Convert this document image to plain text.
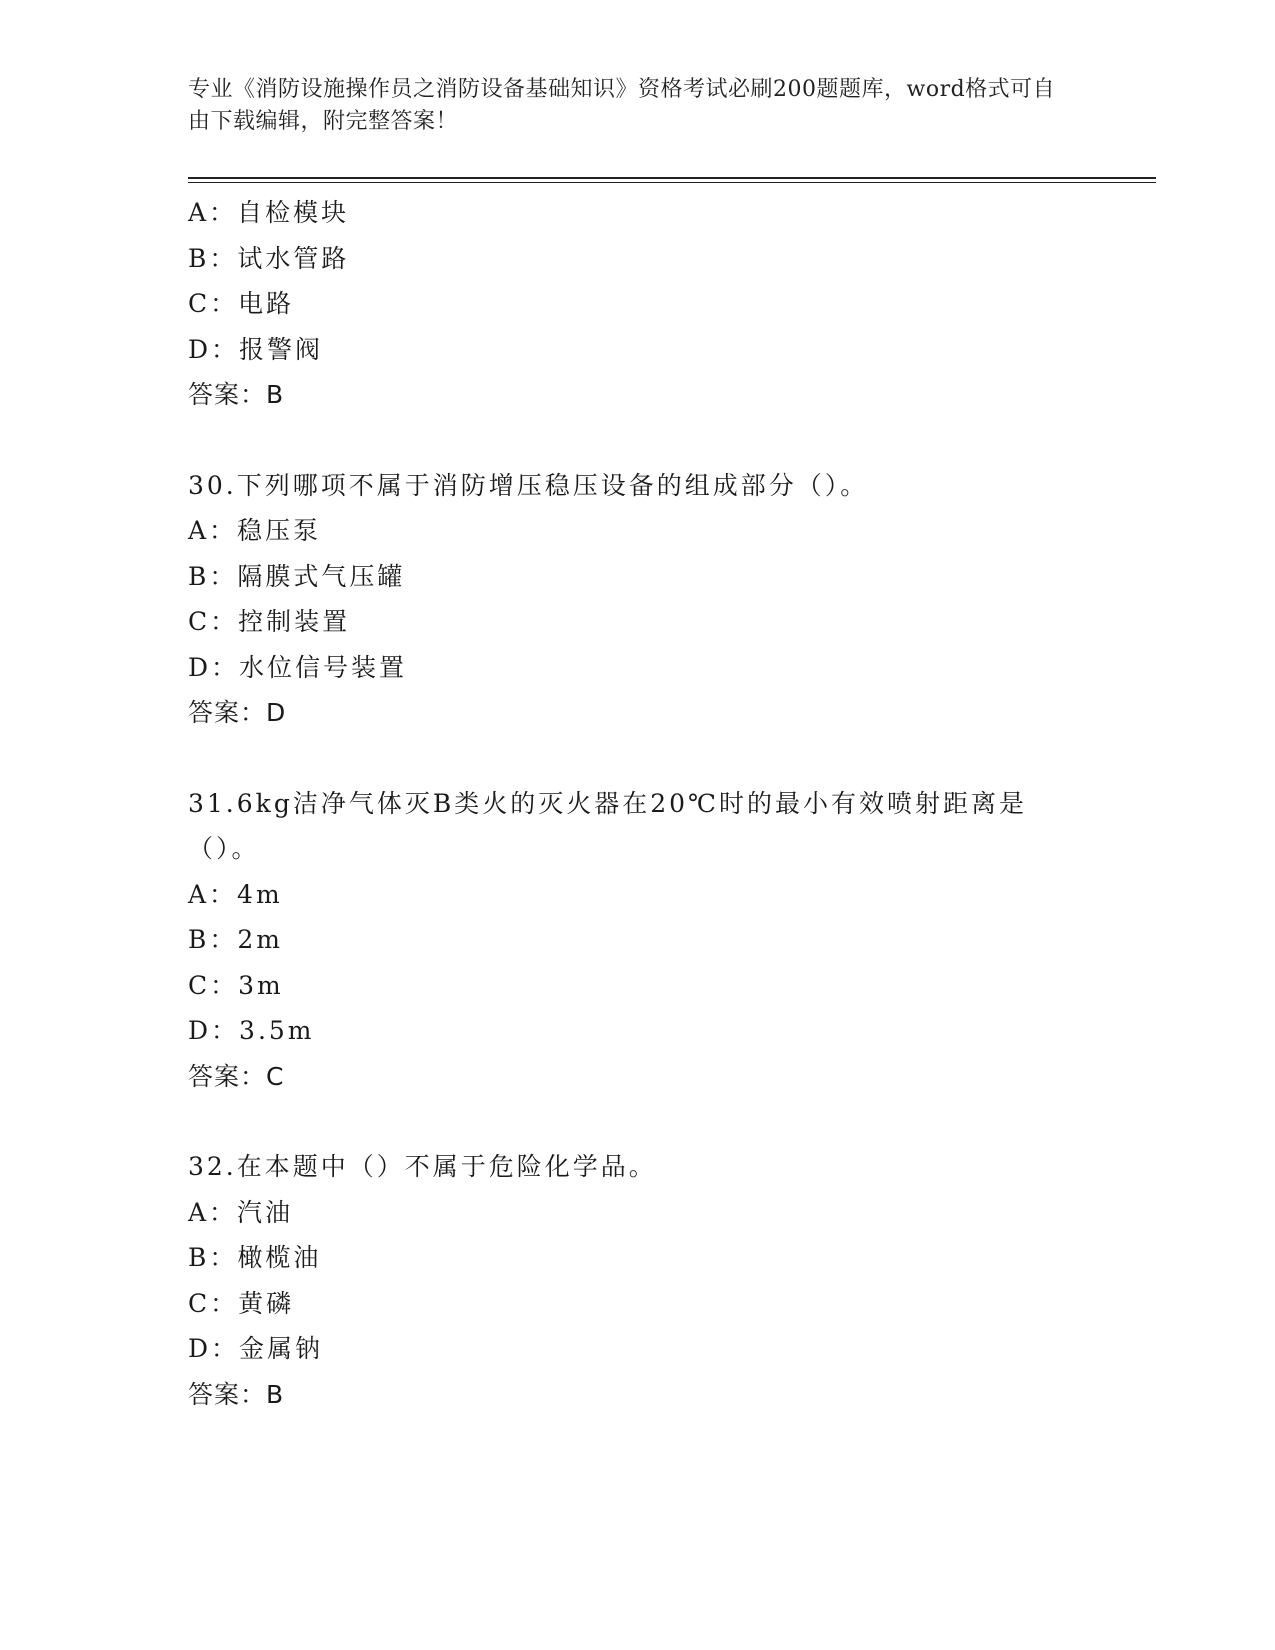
专业《消防设施操作员之消防设备基础知识》资格考试必刷200题题库，word格式可自由下载编辑，附完整答案！
A：自检模块
B：试水管路
C：电路
D：报警阀
答案：B
30.下列哪项不属于消防增压稳压设备的组成部分（）。
A：稳压泵
B：隔膜式气压罐
C：控制装置
D：水位信号装置
答案：D
31.6kg洁净气体灭B类火的灭火器在20℃时的最小有效喷射距离是（）。
A：4m
B：2m
C：3m
D：3.5m
答案：C
32.在本题中（）不属于危险化学品。
A：汽油
B：橄榄油
C：黄磷
D：金属钠
答案：B
